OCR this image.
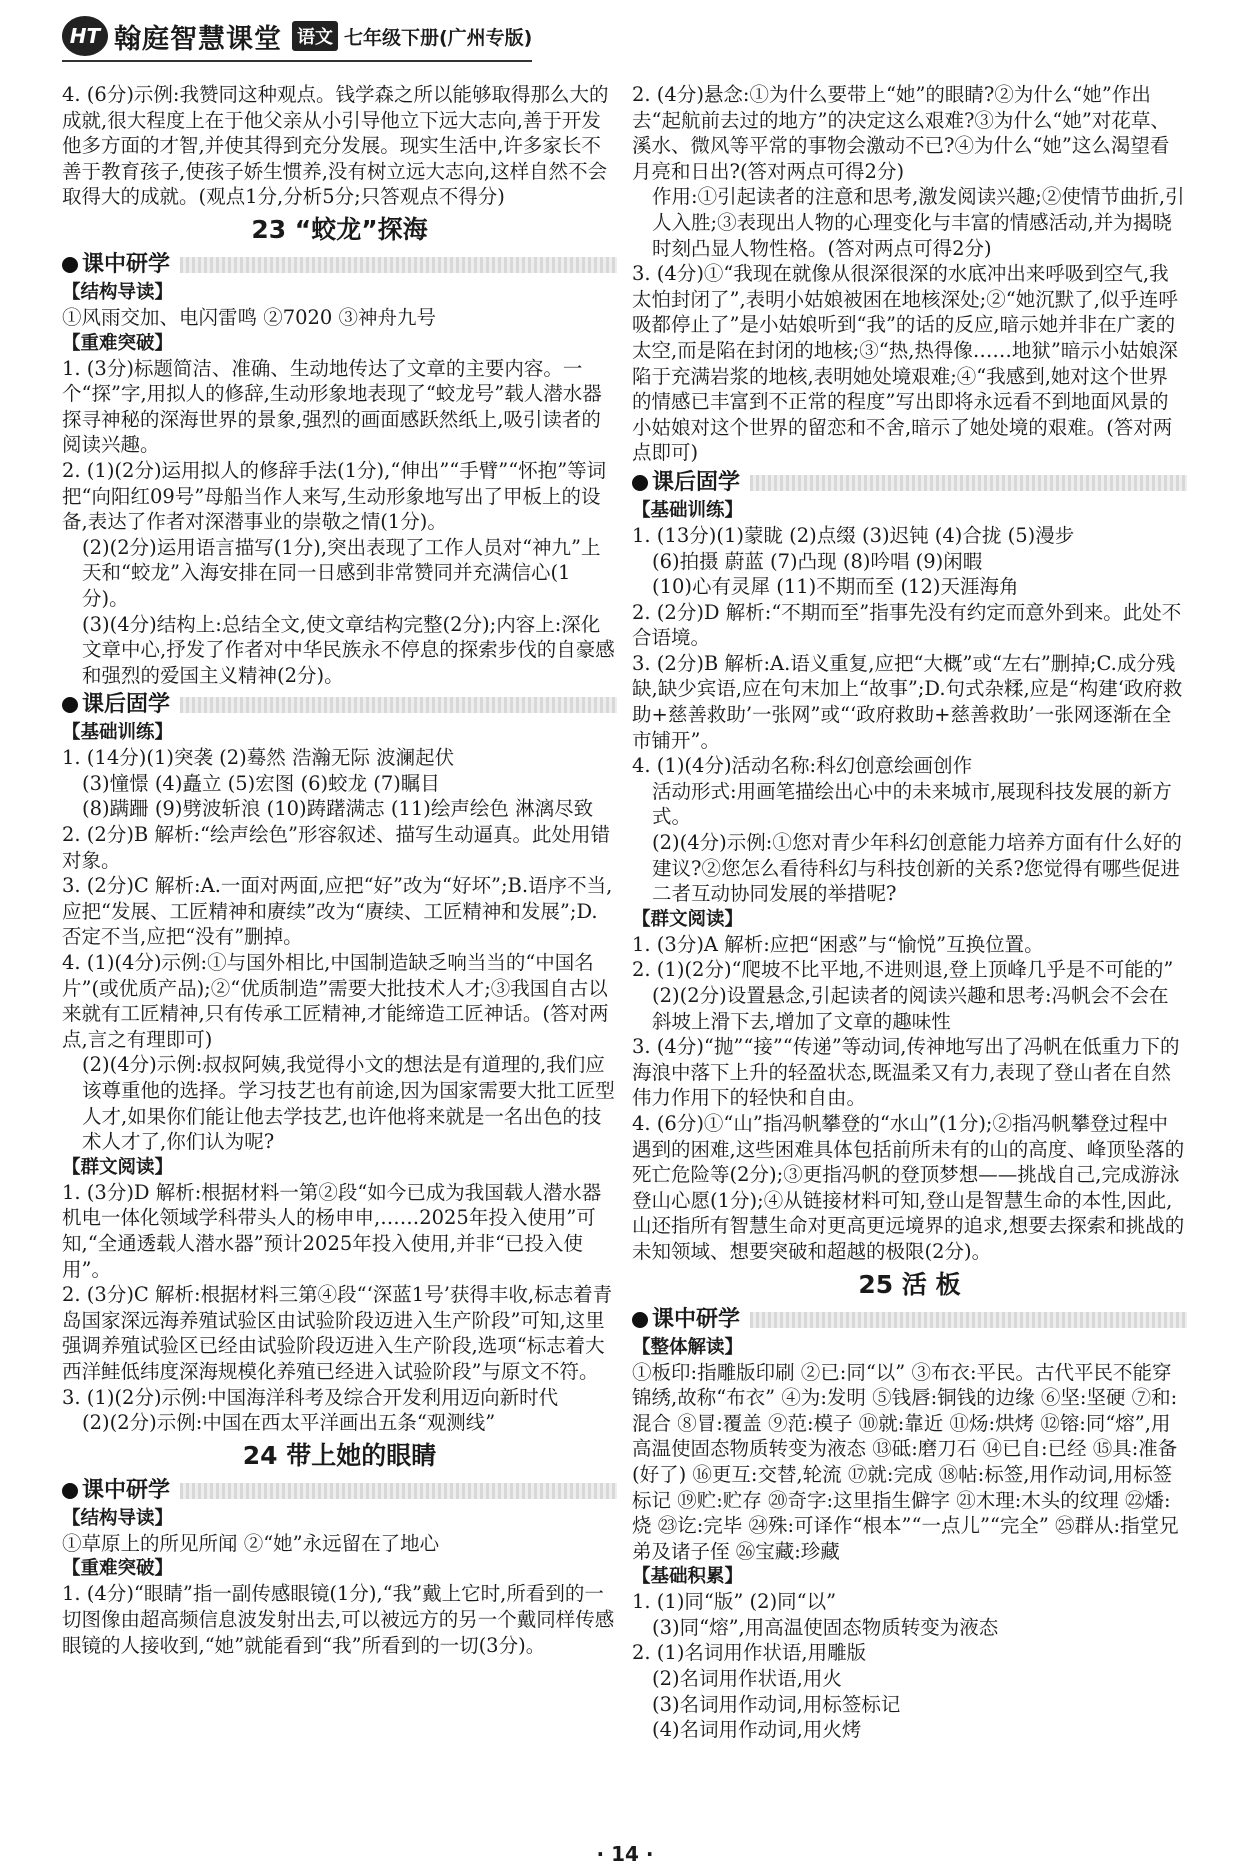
HT 翰庭智慧课堂 语文 七年级下册(广州专版)
4. (6分)示例:我赞同这种观点。钱学森之所以能够取得那么大的成就,很大程度上在于他父亲从小引导他立下远大志向,善于开发他多方面的才智,并使其得到充分发展。现实生活中,许多家长不善于教育孩子,使孩子娇生惯养,没有树立远大志向,这样自然不会取得大的成就。(观点1分,分析5分;只答观点不得分)
23 “蛟龙”探海
课中研学
【结构导读】
①风雨交加、电闪雷鸣 ②7020 ③神舟九号
【重难突破】
1. (3分)标题简洁、准确、生动地传达了文章的主要内容。一个“探”字,用拟人的修辞,生动形象地表现了“蛟龙号”载人潜水器探寻神秘的深海世界的景象,强烈的画面感跃然纸上,吸引读者的阅读兴趣。
2. (1)(2分)运用拟人的修辞手法(1分),“伸出”“手臂”“怀抱”等词把“向阳红09号”母船当作人来写,生动形象地写出了甲板上的设备,表达了作者对深潜事业的崇敬之情(1分)。
(2)(2分)运用语言描写(1分),突出表现了工作人员对“神九”上天和“蛟龙”入海安排在同一日感到非常赞同并充满信心(1分)。
(3)(4分)结构上:总结全文,使文章结构完整(2分);内容上:深化文章中心,抒发了作者对中华民族永不停息的探索步伐的自豪感和强烈的爱国主义精神(2分)。
课后固学
【基础训练】
1. (14分)(1)突袭 (2)蓦然 浩瀚无际 波澜起伏
(3)憧憬 (4)矗立 (5)宏图 (6)蛟龙 (7)瞩目
(8)蹒跚 (9)劈波斩浪 (10)踌躇满志 (11)绘声绘色 淋漓尽致
2. (2分)B 解析:“绘声绘色”形容叙述、描写生动逼真。此处用错对象。
3. (2分)C 解析:A.一面对两面,应把“好”改为“好坏”;B.语序不当,应把“发展、工匠精神和赓续”改为“赓续、工匠精神和发展”;D.否定不当,应把“没有”删掉。
4. (1)(4分)示例:①与国外相比,中国制造缺乏响当当的“中国名片”(或优质产品);②“优质制造”需要大批技术人才;③我国自古以来就有工匠精神,只有传承工匠精神,才能缔造工匠神话。(答对两点,言之有理即可)
(2)(4分)示例:叔叔阿姨,我觉得小文的想法是有道理的,我们应该尊重他的选择。学习技艺也有前途,因为国家需要大批工匠型人才,如果你们能让他去学技艺,也许他将来就是一名出色的技术人才了,你们认为呢?
【群文阅读】
1. (3分)D 解析:根据材料一第②段“如今已成为我国载人潜水器机电一体化领域学科带头人的杨申申,……2025年投入使用”可知,“全通透载人潜水器”预计2025年投入使用,并非“已投入使用”。
2. (3分)C 解析:根据材料三第④段“‘深蓝1号’获得丰收,标志着青岛国家深远海养殖试验区由试验阶段迈进入生产阶段”可知,这里强调养殖试验区已经由试验阶段迈进入生产阶段,选项“标志着大西洋鲑低纬度深海规模化养殖已经进入试验阶段”与原文不符。
3. (1)(2分)示例:中国海洋科考及综合开发利用迈向新时代
(2)(2分)示例:中国在西太平洋画出五条“观测线”
24 带上她的眼睛
课中研学
【结构导读】
①草原上的所见所闻 ②“她”永远留在了地心
【重难突破】
1. (4分)“眼睛”指一副传感眼镜(1分),“我”戴上它时,所看到的一切图像由超高频信息波发射出去,可以被远方的另一个戴同样传感眼镜的人接收到,“她”就能看到“我”所看到的一切(3分)。
2. (4分)悬念:①为什么要带上“她”的眼睛?②为什么“她”作出去“起航前去过的地方”的决定这么艰难?③为什么“她”对花草、溪水、微风等平常的事物会激动不已?④为什么“她”这么渴望看月亮和日出?(答对两点可得2分)
作用:①引起读者的注意和思考,激发阅读兴趣;②使情节曲折,引人入胜;③表现出人物的心理变化与丰富的情感活动,并为揭晓时刻凸显人物性格。(答对两点可得2分)
3. (4分)①“我现在就像从很深很深的水底冲出来呼吸到空气,我太怕封闭了”,表明小姑娘被困在地核深处;②“她沉默了,似乎连呼吸都停止了”是小姑娘听到“我”的话的反应,暗示她并非在广袤的太空,而是陷在封闭的地核;③“热,热得像……地狱”暗示小姑娘深陷于充满岩浆的地核,表明她处境艰难;④“我感到,她对这个世界的情感已丰富到不正常的程度”写出即将永远看不到地面风景的小姑娘对这个世界的留恋和不舍,暗示了她处境的艰难。(答对两点即可)
课后固学
【基础训练】
1. (13分)(1)蒙眬 (2)点缀 (3)迟钝 (4)合拢 (5)漫步
(6)拍摄 蔚蓝 (7)凸现 (8)吟唱 (9)闲暇
(10)心有灵犀 (11)不期而至 (12)天涯海角
2. (2分)D 解析:“不期而至”指事先没有约定而意外到来。此处不合语境。
3. (2分)B 解析:A.语义重复,应把“大概”或“左右”删掉;C.成分残缺,缺少宾语,应在句末加上“故事”;D.句式杂糅,应是“构建‘政府救助+慈善救助’一张网”或“‘政府救助+慈善救助’一张网逐渐在全市铺开”。
4. (1)(4分)活动名称:科幻创意绘画创作
活动形式:用画笔描绘出心中的未来城市,展现科技发展的新方式。
(2)(4分)示例:①您对青少年科幻创意能力培养方面有什么好的建议?②您怎么看待科幻与科技创新的关系?您觉得有哪些促进二者互动协同发展的举措呢?
【群文阅读】
1. (3分)A 解析:应把“困惑”与“愉悦”互换位置。
2. (1)(2分)“爬坡不比平地,不进则退,登上顶峰几乎是不可能的”
(2)(2分)设置悬念,引起读者的阅读兴趣和思考:冯帆会不会在斜坡上滑下去,增加了文章的趣味性
3. (4分)“抛”“接”“传递”等动词,传神地写出了冯帆在低重力下的海浪中落下上升的轻盈状态,既温柔又有力,表现了登山者在自然伟力作用下的轻快和自由。
4. (6分)①“山”指冯帆攀登的“水山”(1分);②指冯帆攀登过程中遇到的困难,这些困难具体包括前所未有的山的高度、峰顶坠落的死亡危险等(2分);③更指冯帆的登顶梦想——挑战自己,完成游泳登山心愿(1分);④从链接材料可知,登山是智慧生命的本性,因此,山还指所有智慧生命对更高更远境界的追求,想要去探索和挑战的未知领域、想要突破和超越的极限(2分)。
25 活 板
课中研学
【整体解读】
①板印:指雕版印刷 ②已:同“以” ③布衣:平民。古代平民不能穿锦绣,故称“布衣” ④为:发明 ⑤钱唇:铜钱的边缘 ⑥坚:坚硬 ⑦和:混合 ⑧冒:覆盖 ⑨范:模子 ⑩就:靠近 ⑪炀:烘烤 ⑫镕:同“熔”,用高温使固态物质转变为液态 ⑬砥:磨刀石 ⑭已自:已经 ⑮具:准备(好了) ⑯更互:交替,轮流 ⑰就:完成 ⑱帖:标签,用作动词,用标签标记 ⑲贮:贮存 ⑳奇字:这里指生僻字 ㉑木理:木头的纹理 ㉒燔:烧 ㉓讫:完毕 ㉔殊:可译作“根本”“一点儿”“完全” ㉕群从:指堂兄弟及诸子侄 ㉖宝藏:珍藏
【基础积累】
1. (1)同“版” (2)同“以”
(3)同“熔”,用高温使固态物质转变为液态
2. (1)名词用作状语,用雕版
(2)名词用作状语,用火
(3)名词用作动词,用标签标记
(4)名词用作动词,用火烤
· 14 ·
